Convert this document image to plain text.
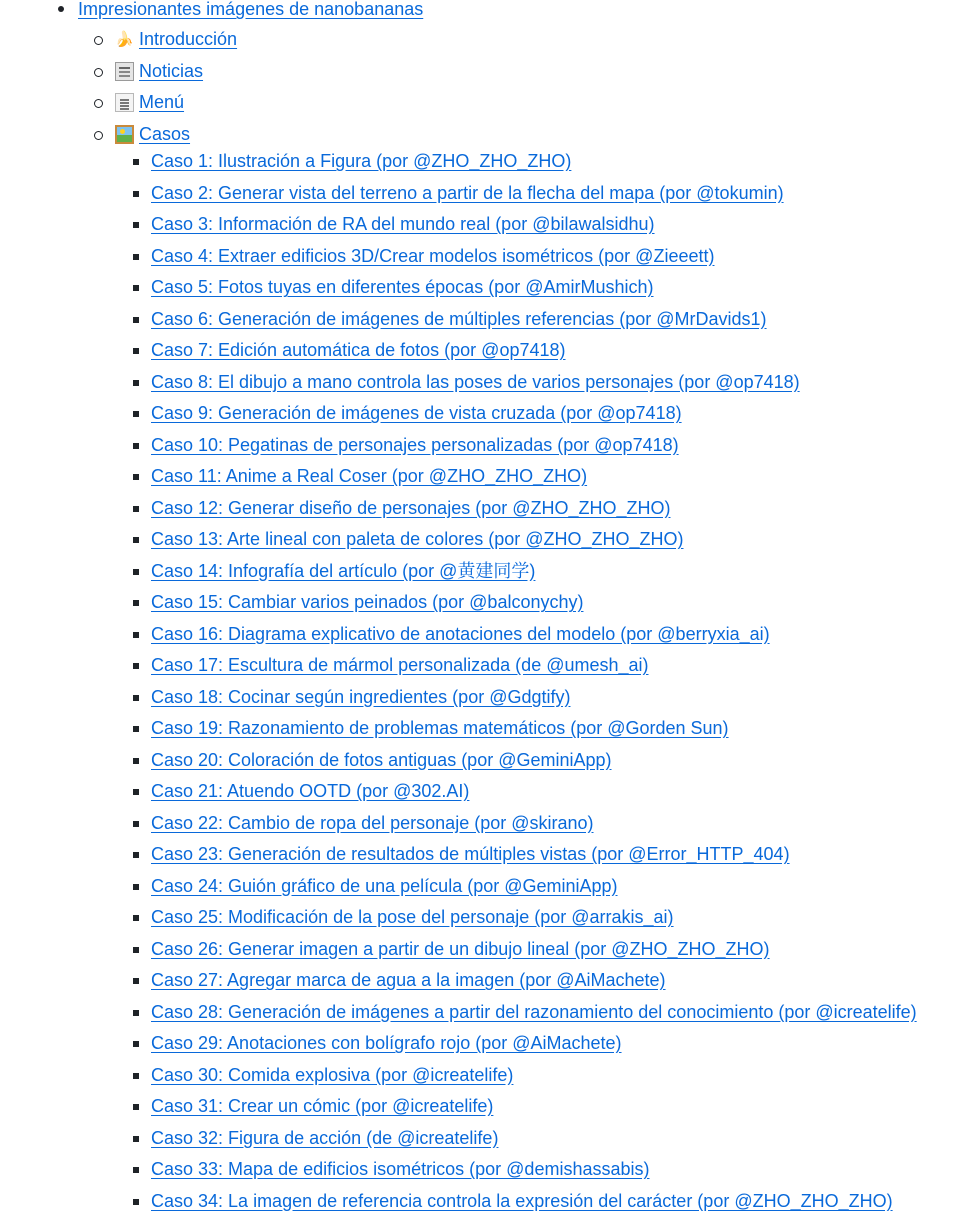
Impresionantes imágenes de nanobananas
🍌 Introducción
Noticias
Menú
Casos
Caso 1: Ilustración a Figura (por @ZHO_ZHO_ZHO)
Caso 2: Generar vista del terreno a partir de la flecha del mapa (por @tokumin)
Caso 3: Información de RA del mundo real (por @bilawalsidhu)
Caso 4: Extraer edificios 3D/Crear modelos isométricos (por @Zieeett)
Caso 5: Fotos tuyas en diferentes épocas (por @AmirMushich)
Caso 6: Generación de imágenes de múltiples referencias (por @MrDavids1)
Caso 7: Edición automática de fotos (por @op7418)
Caso 8: El dibujo a mano controla las poses de varios personajes (por @op7418)
Caso 9: Generación de imágenes de vista cruzada (por @op7418)
Caso 10: Pegatinas de personajes personalizadas (por @op7418)
Caso 11: Anime a Real Coser (por @ZHO_ZHO_ZHO)
Caso 12: Generar diseño de personajes (por @ZHO_ZHO_ZHO)
Caso 13: Arte lineal con paleta de colores (por @ZHO_ZHO_ZHO)
Caso 14: Infografía del artículo (por @黄建同学)
Caso 15: Cambiar varios peinados (por @balconychy)
Caso 16: Diagrama explicativo de anotaciones del modelo (por @berryxia_ai)
Caso 17: Escultura de mármol personalizada (de @umesh_ai)
Caso 18: Cocinar según ingredientes (por @Gdgtify)
Caso 19: Razonamiento de problemas matemáticos (por @Gorden Sun)
Caso 20: Coloración de fotos antiguas (por @GeminiApp)
Caso 21: Atuendo OOTD (por @302.AI)
Caso 22: Cambio de ropa del personaje (por @skirano)
Caso 23: Generación de resultados de múltiples vistas (por @Error_HTTP_404)
Caso 24: Guión gráfico de una película (por @GeminiApp)
Caso 25: Modificación de la pose del personaje (por @arrakis_ai)
Caso 26: Generar imagen a partir de un dibujo lineal (por @ZHO_ZHO_ZHO)
Caso 27: Agregar marca de agua a la imagen (por @AiMachete)
Caso 28: Generación de imágenes a partir del razonamiento del conocimiento (por @icreatelife)
Caso 29: Anotaciones con bolígrafo rojo (por @AiMachete)
Caso 30: Comida explosiva (por @icreatelife)
Caso 31: Crear un cómic (por @icreatelife)
Caso 32: Figura de acción (de @icreatelife)
Caso 33: Mapa de edificios isométricos (por @demishassabis)
Caso 34: La imagen de referencia controla la expresión del carácter (por @ZHO_ZHO_ZHO)
